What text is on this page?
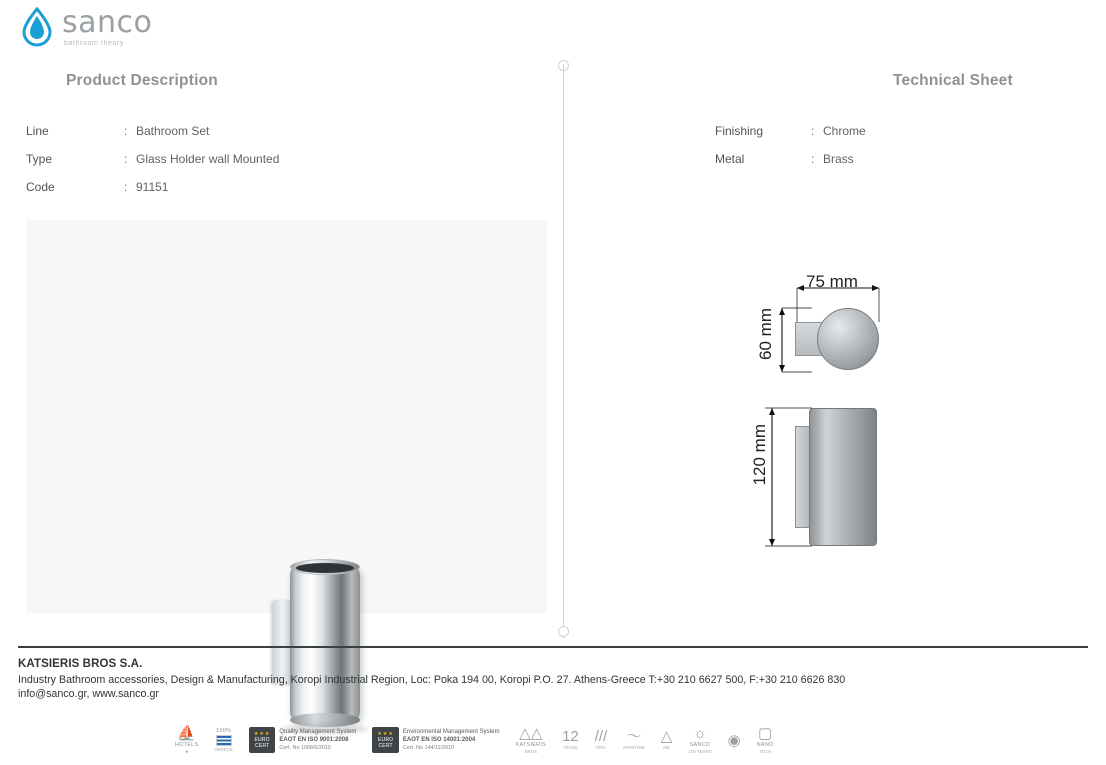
sanco
bathroom theory
Product Description	Technical Sheet
Line	: Bathroom Set
Type	: Glass Holder wall Mounted
Code	: 91151
Finishing	: Chrome
Metal	: Brass
75 mm
60 mm
120 mm
KATSIERIS BROS S.A.
Industry Bathroom accessories, Design & Manufacturing, Koropi Industrial Region, Loc: Poka 194 00, Koropi P.O. 27. Athens-Greece T:+30 210 6627 500, F:+30 210 6626 830
info@sanco.gr, www.sanco.gr
⛵
HOTELS
★
100%
GREECE
★★★
EURO
CERT
Quality Management System
EAOT EN ISO 9001:2008
Cert. No 1008/6/2010
★★★
EURO
CERT
Environmental Management System
EAOT EN ISO 14001:2004
Cert. No 144/11/2010
△△
KATSIERIS
BROS
12
YEARS
///
PRO
～
MARITIME
△
ME
☼
SANCO
100 YEARS
◉ ▢
NANO
TECH
